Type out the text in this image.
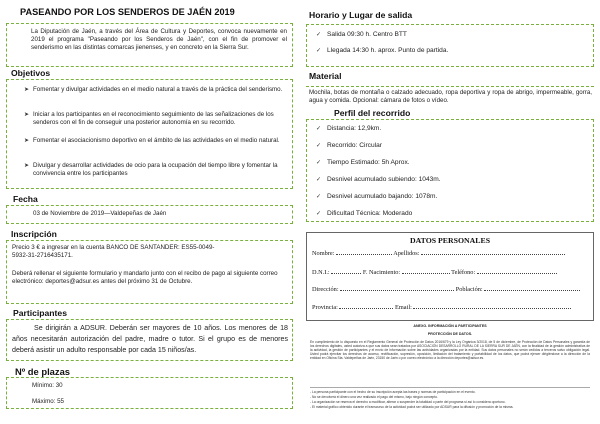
PASEANDO POR LOS SENDEROS DE JAÉN 2019
La Diputación de Jaén, a través del Área de Cultura y Deportes, convoca nuevamente en 2019 el programa "Paseando por los Senderos de Jaén", con el fin de promover el senderismo en las distintas comarcas jienenses, y en concreto en la Sierra Sur.
Objetivos
➤ Fomentar y divulgar actividades en el medio natural a través de la práctica del senderismo.
➤ Iniciar a los participantes en el reconocimiento seguimiento de las señalizaciones de los senderos con el fin de conseguir una posterior autonomía en su recorrido.
➤ Fomentar el asociacionismo deportivo en el ámbito de las actividades en el medio natural.
➤ Divulgar y desarrollar actividades de ocio para la ocupación del tiempo libre y fomentar la convivencia entre los participantes
Fecha
03 de Noviembre de 2019—Valdepeñas de Jaén
Inscripción
Precio 3 € a ingresar en la cuenta BANCO DE SANTANDER: ES55-0049-5932-31-2716435171.
Deberá rellenar el siguiente formulario y mandarlo junto con el recibo de pago al siguiente correo electrónico: deportes@adsur.es antes del próximo 31 de Octubre.
Participantes
Se dirigirán a ADSUR. Deberán ser mayores de 10 años. Los menores de 18 años necesitarán autorización del padre, madre o tutor. Si el grupo es de menores deberá asistir un adulto responsable por cada 15 niños/as.
Nº de plazas
Mínimo: 30
Máximo: 55
Horario y Lugar de salida
✓ Salida 09:30 h. Centro BTT
✓ Llegada 14:30 h. aprox. Punto de partida.
Material
Mochila, botas de montaña o calzado adecuado, ropa deportiva y ropa de abrigo, impermeable, gorra, agua y comida. Opcional: cámara de fotos o vídeo.
Perfil del recorrido
✓ Distancia: 12,9km.
✓ Recorrido: Circular
✓ Tiempo Estimado: 5h Aprox.
✓ Desnivel acumulado subiendo: 1043m.
✓ Desnivel acumulado bajando: 1078m.
✓ Dificultad Técnica: Moderado
DATOS PERSONALES
Nombre:	Apellidos:
D.N.I.:	F. Nacimiento:	Teléfono:
Dirección:	Población:
Provincia:	Email:
ANEXO. INFORMACIÓN A PARTICIPANTES
PROTECCIÓN DE DATOS.
En cumplimiento de lo dispuesto en el Reglamento General de Protección de Datos 2016/679 y la Ley Orgánica 3/2018, de 5 de diciembre, de Protección de Datos Personales y garantía de los derechos digitales, usted autoriza a que sus datos sean tratados por ASOCIACIÓN DESARROLLO RURAL DE LA SIERRA SUR DE JAÉN, con la finalidad de la gestión administrativa de la actividad, la gestión de participantes y el envío de información sobre las actividades organizadas por la entidad. Sus datos personales no serán cedidos a terceros salvo obligación legal. Usted podrá ejercitar los derechos de acceso, rectificación, supresión, oposición, limitación del tratamiento y portabilidad de los datos, que podrá ejercer dirigiéndose a la dirección de la entidad en Oficina Sta. Valdepeñas de Jaén, 23150 de Jaén o por correo electrónico a la dirección deportes@adsur.es.
- La persona participante con el hecho de su inscripción acepta las bases y normas de participación en el evento.
- No se devolverá el dinero una vez realizado el pago del mismo, bajo ningún concepto.
- La organización se reserva el derecho a modificar, alterar o suspender la totalidad o parte del programa si así lo considera oportuno.
- El material gráfico obtenido durante el transcurso de la actividad podrá ser utilizado por ADSUR para la difusión y promoción de la misma.
